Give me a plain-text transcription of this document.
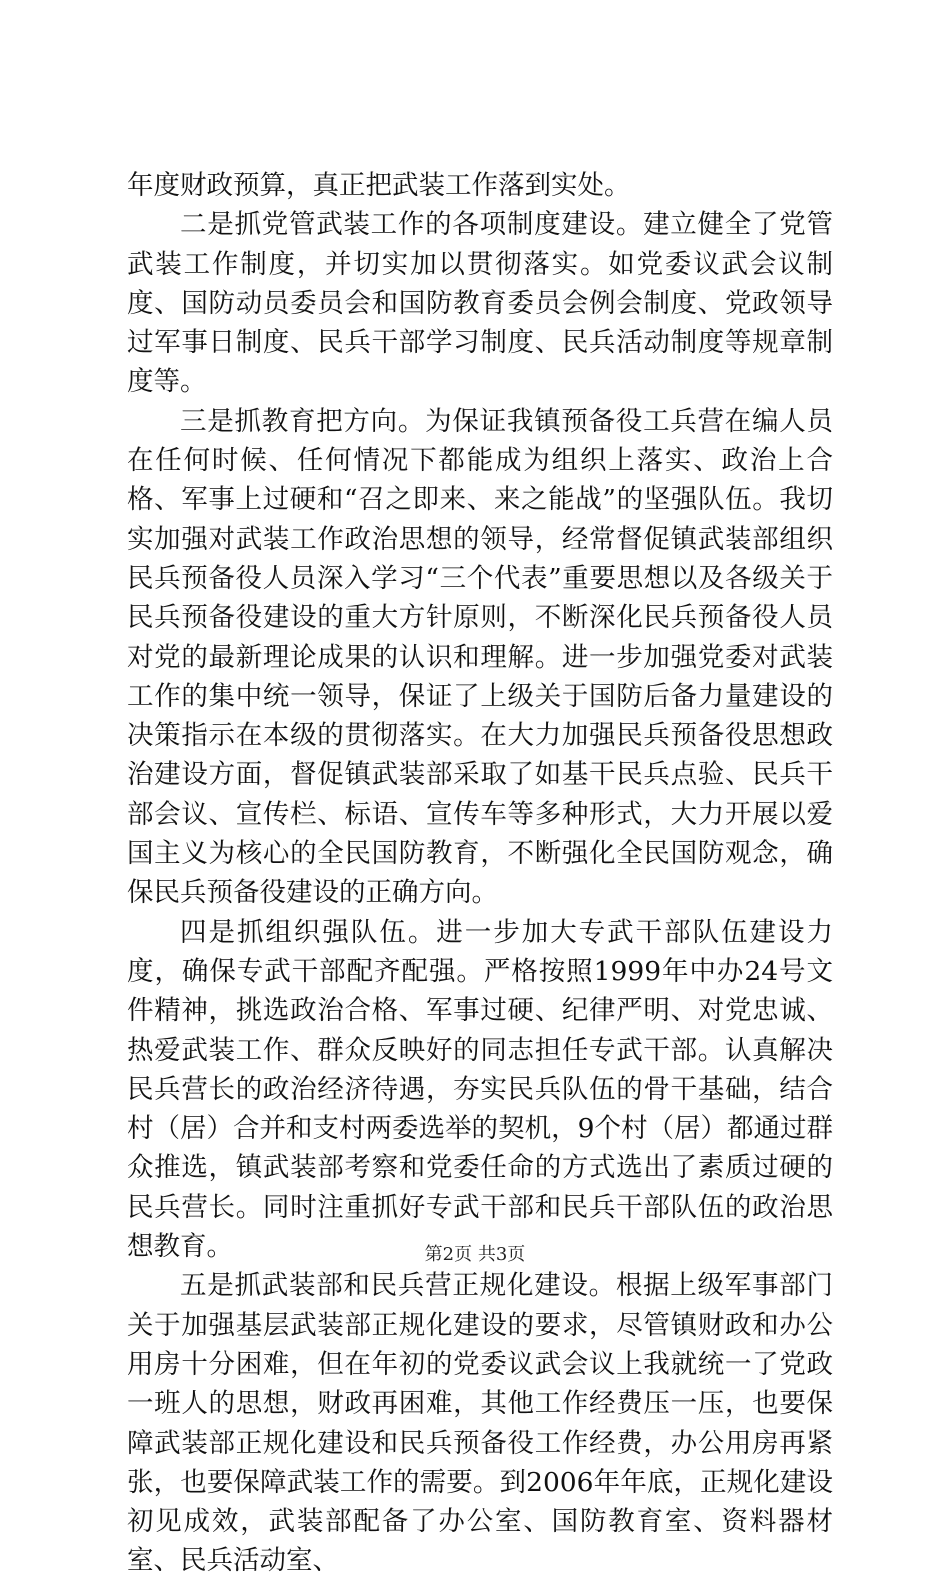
年度财政预算，真正把武装工作落到实处。

二是抓党管武装工作的各项制度建设。建立健全了党管武装工作制度，并切实加以贯彻落实。如党委议武会议制度、国防动员委员会和国防教育委员会例会制度、党政领导过军事日制度、民兵干部学习制度、民兵活动制度等规章制度等。

三是抓教育把方向。为保证我镇预备役工兵营在编人员在任何时候、任何情况下都能成为组织上落实、政治上合格、军事上过硬和“召之即来、来之能战”的坚强队伍。我切实加强对武装工作政治思想的领导，经常督促镇武装部组织民兵预备役人员深入学习“三个代表”重要思想以及各级关于民兵预备役建设的重大方针原则，不断深化民兵预备役人员对党的最新理论成果的认识和理解。进一步加强党委对武装工作的集中统一领导，保证了上级关于国防后备力量建设的决策指示在本级的贯彻落实。在大力加强民兵预备役思想政治建设方面，督促镇武装部采取了如基干民兵点验、民兵干部会议、宣传栏、标语、宣传车等多种形式，大力开展以爱国主义为核心的全民国防教育，不断强化全民国防观念，确保民兵预备役建设的正确方向。

四是抓组织强队伍。进一步加大专武干部队伍建设力度，确保专武干部配齐配强。严格按照1999年中办24号文件精神，挑选政治合格、军事过硬、纪律严明、对党忠诚、热爱武装工作、群众反映好的同志担任专武干部。认真解决民兵营长的政治经济待遇，夯实民兵队伍的骨干基础，结合村（居）合并和支村两委选举的契机，9个村（居）都通过群众推选，镇武装部考察和党委任命的方式选出了素质过硬的民兵营长。同时注重抓好专武干部和民兵干部队伍的政治思想教育。

五是抓武装部和民兵营正规化建设。根据上级军事部门关于加强基层武装部正规化建设的要求，尽管镇财政和办公用房十分困难，但在年初的党委议武会议上我就统一了党政一班人的思想，财政再困难，其他工作经费压一压，也要保障武装部正规化建设和民兵预备役工作经费，办公用房再紧张，也要保障武装工作的需要。到2006年年底，正规化建设初见成效，武装部配备了办公室、国防教育室、资料器材室、民兵活动室、

第2页 共3页
